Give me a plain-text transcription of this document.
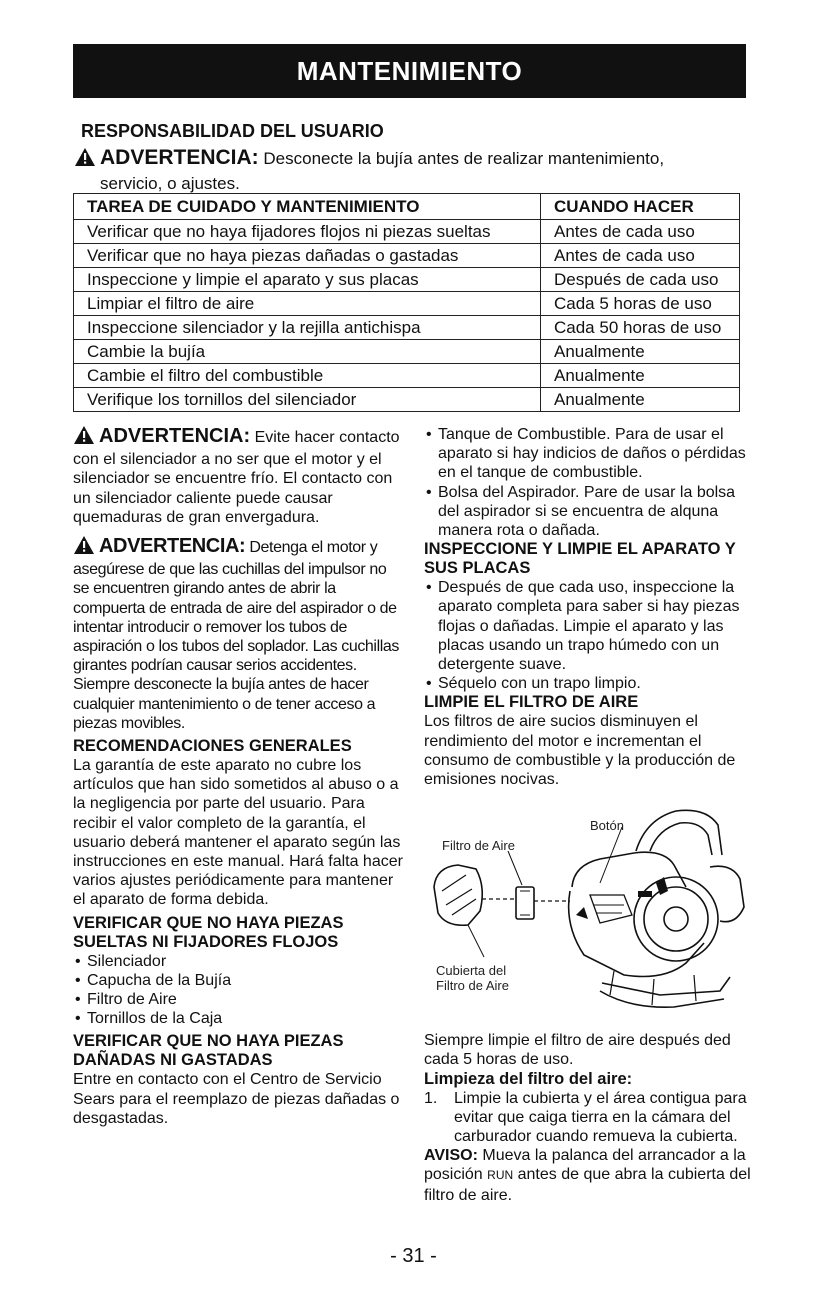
MANTENIMIENTO
RESPONSABILIDAD DEL USUARIO
ADVERTENCIA: Desconecte la bujía antes de realizar mantenimiento,
servicio, o ajustes.
TAREA DE CUIDADO Y MANTENIMIENTO	CUANDO HACER
Verificar que no haya fijadores flojos ni piezas sueltas	Antes de cada uso
Verificar que no haya piezas dañadas o gastadas	Antes de cada uso
Inspeccione y limpie el aparato y sus placas	Después de cada uso
Limpiar el filtro de aire	Cada 5 horas de uso
Inspeccione silenciador y la rejilla antichispa	Cada 50 horas de uso
Cambie la bujía	Anualmente
Cambie el filtro del combustible	Anualmente
Verifique los tornillos del silenciador	Anualmente

ADVERTENCIA: Evite hacer contacto con el silenciador a no ser que el motor y el silenciador se encuentre frío. El contacto con un silenciador caliente puede causar quemaduras de gran envergadura.

ADVERTENCIA: Detenga el motor y asegúrese de que las cuchillas del impulsor no se encuentren girando antes de abrir la compuerta de entrada de aire del aspirador o de intentar introducir o remover los tubos de aspiración o los tubos del soplador. Las cuchillas girantes podrían causar serios accidentes. Siempre desconecte la bujía antes de hacer cualquier mantenimiento o de tener acceso a piezas movibles.

RECOMENDACIONES GENERALES

La garantía de este aparato no cubre los artículos que han sido sometidos al abuso o a la negligencia por parte del usuario. Para recibir el valor completo de la garantía, el usuario deberá mantener el aparato según las instrucciones en este manual. Hará falta hacer varios ajustes periódicamente para mantener el aparato de forma debida.

VERIFICAR QUE NO HAYA PIEZAS SUELTAS NI FIJADORES FLOJOS

• Silenciador
• Capucha de la Bujía
• Filtro de Aire
• Tornillos de la Caja

VERIFICAR QUE NO HAYA PIEZAS DAÑADAS NI GASTADAS

Entre en contacto con el Centro de Servicio Sears para el reemplazo de piezas dañadas o desgastadas.

• Tanque de Combustible. Para de usar el aparato si hay indicios de daños o pérdidas en el tanque de combustible.
• Bolsa del Aspirador. Pare de usar la bolsa del aspirador si se encuentra de alquna manera rota o dañada.

INSPECCIONE Y LIMPIE EL APARATO Y SUS PLACAS

• Después de que cada uso, inspeccione la aparato completa para saber si hay piezas flojas o dañadas. Limpie el aparato y las placas usando un trapo húmedo con un detergente suave.
• Séquelo con un trapo limpio.

LIMPIE EL FILTRO DE AIRE

Los filtros de aire sucios disminuyen el rendimiento del motor e incrementan el consumo de combustible y la producción de emisiones nocivas.

Filtro de Aire
Botón
Cubierta del
Filtro de Aire

Siempre limpie el filtro de aire después ded cada 5 horas de uso.

Limpieza del filtro del aire:

1. Limpie la cubierta y el área contigua para evitar que caiga tierra en la cámara del carburador cuando remueva la cubierta.

AVISO: Mueva la palanca del arrancador a la posición RUN antes de que abra la cubierta del filtro de aire.

- 31 -
